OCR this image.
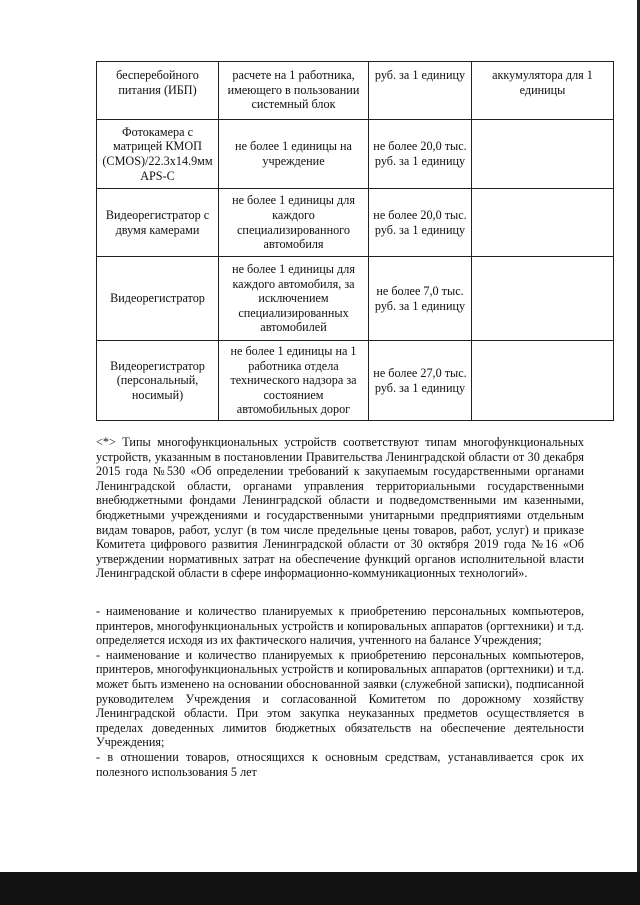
бесперебойного питания (ИБП)	расчете на 1 работника, имеющего в пользовании системный блок	руб. за 1 единицу	аккумулятора для 1 единицы
Фотокамера с матрицей КМОП (CMOS)/22.3x14.9мм APS-C	не более 1 единицы на учреждение	не более 20,0 тыс. руб. за 1 единицу	
Видеорегистратор с двумя камерами	не более 1 единицы для каждого специализированного автомобиля	не более 20,0 тыс. руб. за 1 единицу	
Видеорегистратор	не более 1 единицы для каждого автомобиля, за исключением специализированных автомобилей	не более 7,0 тыс. руб. за 1 единицу	
Видеорегистратор (персональный, носимый)	не более 1 единицы на 1 работника отдела технического надзора за состоянием автомобильных дорог	не более 27,0 тыс. руб. за 1 единицу	
<*> Типы многофункциональных устройств соответствуют типам многофункциональных устройств, указанным в постановлении Правительства Ленинградской области от 30 декабря 2015 года №530 «Об определении требований к закупаемым государственными органами Ленинградской области, органами управления территориальными государственными внебюджетными фондами Ленинградской области и подведомственными им казенными, бюджетными учреждениями и государственными унитарными предприятиями отдельным видам товаров, работ, услуг (в том числе предельные цены товаров, работ, услуг) и приказе Комитета цифрового развития Ленинградской области от 30 октября 2019 года №16 «Об утверждении нормативных затрат на обеспечение функций органов исполнительной власти Ленинградской области в сфере информационно-коммуникационных технологий».

- наименование и количество планируемых к приобретению персональных компьютеров, принтеров, многофункциональных устройств и копировальных аппаратов (оргтехники) и т.д. определяется исходя из их фактического наличия, учтенного на балансе Учреждения;

- наименование и количество планируемых к приобретению персональных компьютеров, принтеров, многофункциональных устройств и копировальных аппаратов (оргтехники) и т.д. может быть изменено на основании обоснованной заявки (служебной записки), подписанной руководителем Учреждения и согласованной Комитетом по дорожному хозяйству Ленинградской области. При этом закупка неуказанных предметов осуществляется в пределах доведенных лимитов бюджетных обязательств на обеспечение деятельности Учреждения;

- в отношении товаров, относящихся к основным средствам, устанавливается срок их полезного использования 5 лет
